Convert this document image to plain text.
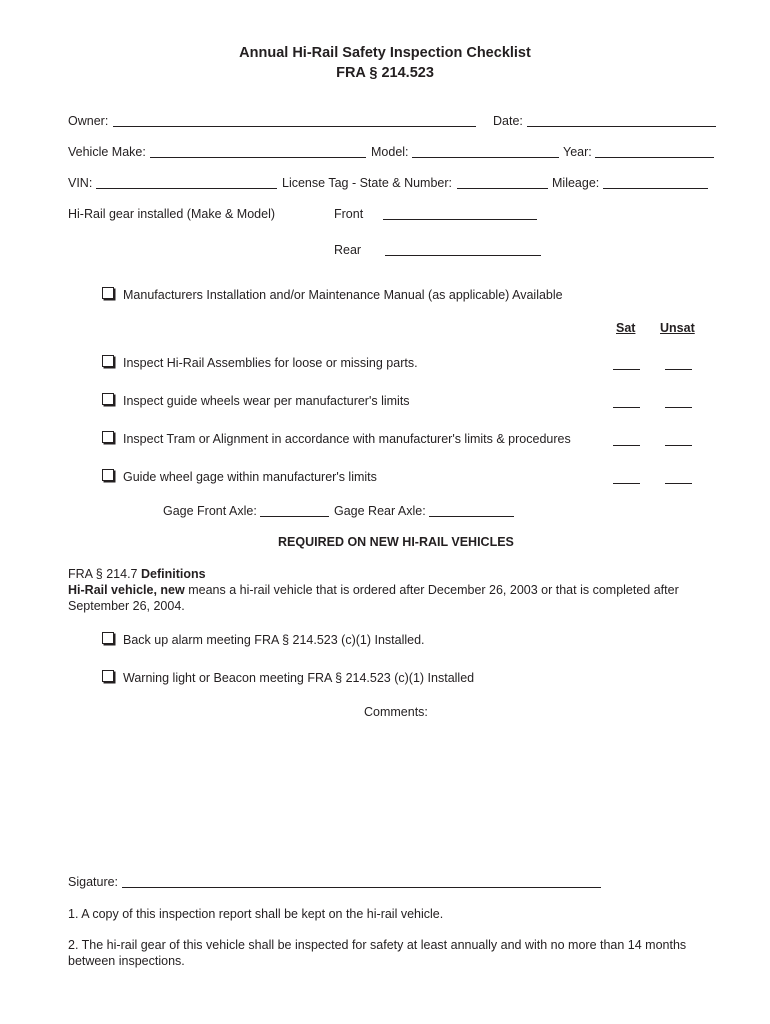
Annual Hi-Rail Safety Inspection Checklist
FRA § 214.523
Owner:	Date:
Vehicle Make:	Model:	Year:
VIN:	License Tag - State & Number:	Mileage:
Hi-Rail gear installed (Make & Model)	Front
Rear
Manufacturers Installation and/or Maintenance Manual (as applicable) Available
Sat Unsat
Inspect Hi-Rail Assemblies for loose or missing parts.
Inspect guide wheels wear per manufacturer's limits
Inspect Tram or Alignment in accordance with manufacturer's limits & procedures
Guide wheel gage within manufacturer's limits
Gage Front Axle:	Gage Rear Axle:
REQUIRED ON NEW HI-RAIL VEHICLES
FRA § 214.7 Definitions
Hi-Rail vehicle, new means a hi-rail vehicle that is ordered after December 26, 2003 or that is completed after
September 26, 2004.
Back up alarm meeting FRA § 214.523 (c)(1) Installed.
Warning light or Beacon meeting FRA § 214.523 (c)(1) Installed
Comments:
Sigature:
1. A copy of this inspection report shall be kept on the hi-rail vehicle.
2. The hi-rail gear of this vehicle shall be inspected for safety at least annually and with no more than 14 months between inspections.
